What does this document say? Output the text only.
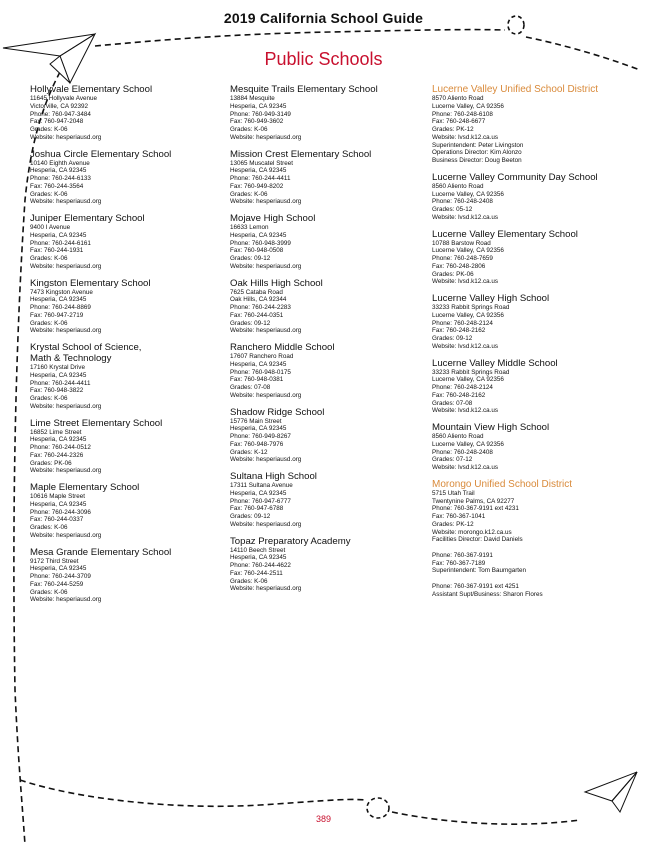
2019 California School Guide
Public Schools
Hollyvale Elementary School
11645 Hollyvale Avenue
Victorville, CA 92392
Phone: 760-947-3484
Fax: 760-947-2048
Grades: K-06
Website: hesperiausd.org
Joshua Circle Elementary School
10140 Eighth Avenue
Hesperia, CA 92345
Phone: 760-244-6133
Fax: 760-244-3564
Grades: K-06
Website: hesperiausd.org
Juniper Elementary School
9400 I Avenue
Hesperia, CA 92345
Phone: 760-244-6161
Fax: 760-244-1931
Grades: K-06
Website: hesperiausd.org
Kingston Elementary School
7473 Kingston Avenue
Hesperia, CA 92345
Phone: 760-244-8869
Fax: 760-947-2719
Grades: K-06
Website: hesperiausd.org
Krystal School of Science,
Math & Technology
17160 Krystal Drive
Hesperia, CA 92345
Phone: 760-244-4411
Fax: 760-948-3822
Grades: K-06
Website: hesperiausd.org
Lime Street Elementary School
16852 Lime Street
Hesperia, CA 92345
Phone: 760-244-0512
Fax: 760-244-2326
Grades: PK-06
Website: hesperiausd.org
Maple Elementary School
10616 Maple Street
Hesperia, CA 92345
Phone: 760-244-3096
Fax: 760-244-0337
Grades: K-06
Website: hesperiausd.org
Mesa Grande Elementary School
9172 Third Street
Hesperia, CA 92345
Phone: 760-244-3709
Fax: 760-244-5259
Grades: K-06
Website: hesperiausd.org
Mesquite Trails Elementary School
13884 Mesquite
Hesperia, CA 92345
Phone: 760-949-3149
Fax: 760-949-3602
Grades: K-06
Website: hesperiausd.org
Mission Crest Elementary School
13065 Muscatel Street
Hesperia, CA 92345
Phone: 760-244-4411
Fax: 760-949-8202
Grades: K-06
Website: hesperiausd.org
Mojave High School
16633 Lemon
Hesperia, CA 92345
Phone: 760-948-3999
Fax: 760-948-0508
Grades: 09-12
Website: hesperiausd.org
Oak Hills High School
7625 Cataba Road
Oak Hills, CA 92344
Phone: 760-244-2283
Fax: 760-244-0351
Grades: 09-12
Website: hesperiausd.org
Ranchero Middle School
17607 Ranchero Road
Hesperia, CA 92345
Phone: 760-948-0175
Fax: 760-948-0381
Grades: 07-08
Website: hesperiausd.org
Shadow Ridge School
15776 Main Street
Hesperia, CA 92345
Phone: 760-949-8267
Fax: 760-948-7976
Grades: K-12
Website: hesperiausd.org
Sultana High School
17311 Sultana Avenue
Hesperia, CA 92345
Phone: 760-947-6777
Fax: 760-947-6788
Grades: 09-12
Website: hesperiausd.org
Topaz Preparatory Academy
14110 Beech Street
Hesperia, CA 92345
Phone: 760-244-4622
Fax: 760-244-2511
Grades: K-06
Website: hesperiausd.org
Lucerne Valley Unified School District
8570 Aliento Road
Lucerne Valley, CA 92356
Phone: 760-248-6108
Fax: 760-248-6677
Grades: PK-12
Website: lvsd.k12.ca.us
Superintendent: Peter Livingston
Operations Director: Kim Alonzo
Business Director: Doug Beeton
Lucerne Valley Community Day School
8560 Aliento Road
Lucerne Valley, CA 92356
Phone: 760-248-2408
Grades: 05-12
Website: lvsd.k12.ca.us
Lucerne Valley Elementary School
10788 Barstow Road
Lucerne Valley, CA 92356
Phone: 760-248-7659
Fax: 760-248-2806
Grades: PK-06
Website: lvsd.k12.ca.us
Lucerne Valley High School
33233 Rabbit Springs Road
Lucerne Valley, CA 92356
Phone: 760-248-2124
Fax: 760-248-2162
Grades: 09-12
Website: lvsd.k12.ca.us
Lucerne Valley Middle School
33233 Rabbit Springs Road
Lucerne Valley, CA 92356
Phone: 760-248-2124
Fax: 760-248-2162
Grades: 07-08
Website: lvsd.k12.ca.us
Mountain View High School
8560 Aliento Road
Lucerne Valley, CA 92356
Phone: 760-248-2408
Grades: 07-12
Website: lvsd.k12.ca.us
Morongo Unified School District
5715 Utah Trail
Twentynine Palms, CA 92277
Phone: 760-367-9191 ext 4231
Fax: 760-367-1041
Grades: PK-12
Website: morongo.k12.ca.us
Facilities Director: David Daniels
Phone: 760-367-9191
Fax: 760-367-7189
Superintendent: Tom Baumgarten
Phone: 760-367-9191 ext 4251
Assistant Supt/Business: Sharon Flores
389
